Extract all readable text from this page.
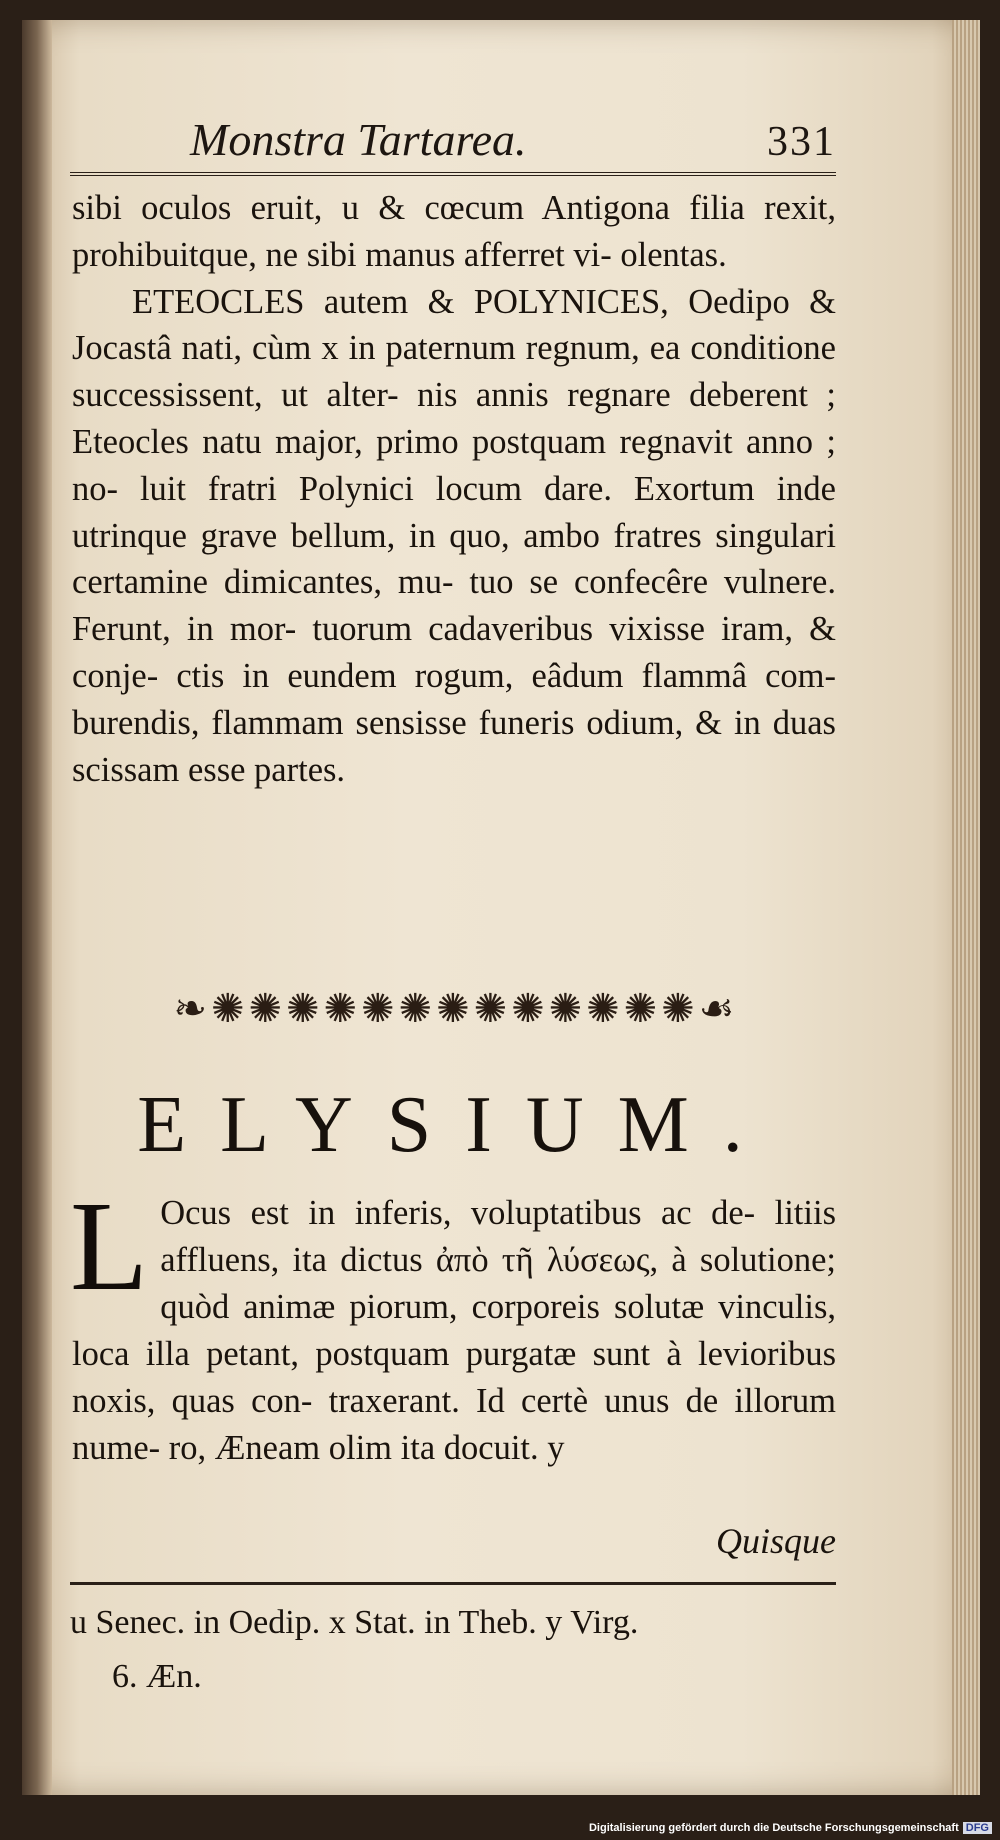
Monstra Tartarea.	331

sibi oculos eruit, u & cœcum Antigona filia rexit, prohibuitque, ne sibi manus afferret vi- olentas.

ETEOCLES autem & POLYNICES, Oedipo & Jocastâ nati, cùm x in paternum regnum, ea conditione successissent, ut alter- nis annis regnare deberent ; Eteocles natu major, primo postquam regnavit anno ; no- luit fratri Polynici locum dare. Exortum inde utrinque grave bellum, in quo, ambo fratres singulari certamine dimicantes, mu- tuo se confecêre vulnere. Ferunt, in mor- tuorum cadaveribus vixisse iram, & conje- ctis in eundem rogum, eâdum flammâ com- burendis, flammam sensisse funeris odium, & in duas scissam esse partes.

❧ ✺ ✺ ✺ ✺ ✺ ✺ ✺ ✺ ✺ ✺ ✺ ✺ ✺ ☙
ELYSIUM.
L Ocus est in inferis, voluptatibus ac de- litiis affluens, ita dictus ἀπὸ τῆ λύσεως, à solutione; quòd animæ piorum, corporeis solutæ vinculis, loca illa petant, postquam purgatæ sunt à levioribus noxis, quas con- traxerant. Id certè unus de illorum nume- ro, Æneam olim ita docuit. y
Quisque
u Senec. in Oedip. x Stat. in Theb. y Virg.
6. Æn.
Digitalisierung gefördert durch die Deutsche Forschungsgemeinschaft DFG
